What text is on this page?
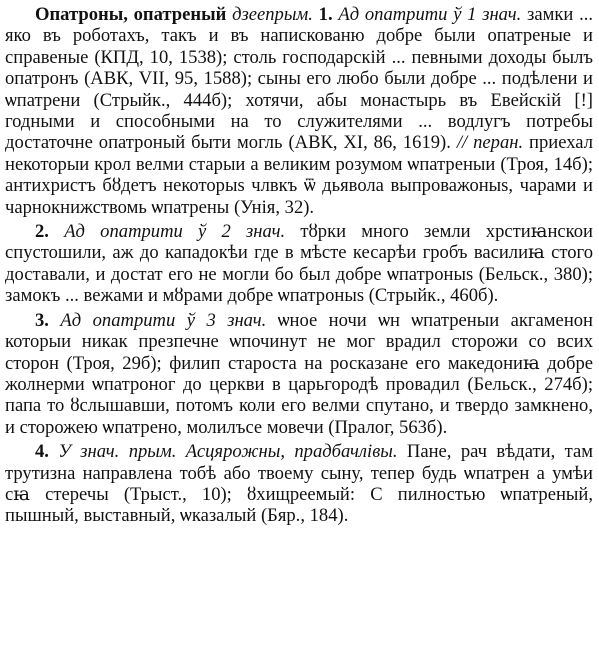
Опатроны, опатреный дзеепрым. 1. Ад опатрити ў 1 знач. замки ... яко въ роботахъ, такъ и въ напискованю добре были опатреные и справеные (КПД, 10, 1538); столь господарскій ... певными доходы былъ опатронъ (АВК, VII, 95, 1588); сыны его любо были добре ... подѣлени и ѡпатрени (Стрыйк., 444б); хотячи, абы монастырь въ Евейскій [!] годными и способными на то служителями ... водлугъ потребы достаточне опатроный быти могль (АВК, XI, 86, 1619). // перан. приехал некоторыи крол велми старыи а великим розумом ѡпатреныи (Троя, 14б); антихристъ бȣдетъ некоторыѕ члвкъ ѿ дьявола выпроважоныѕ, чарами и чарнокнижствомь ѡпатрены (Унія, 32).

2. Ад опатрити ў 2 знач. тȣрки много земли хрстиꙗнскои спустошили, аж до кападокѣи где в мѣсте кесарѣи гробъ василиꙗ стого доставали, и достат его не могли бо был добре ѡпатроныѕ (Бельск., 380); замокъ ... вежами и мȣрами добре ѡпатроныѕ (Стрыйк., 460б).

3. Ад опатрити ў 3 знач. ѡное ночи ѡн ѡпатреныи акгаменон которыи никак презпечне ѡпочинут не мог врадил сторожи со всих сторон (Троя, 29б); филип староста на росказане его македониꙗ добре жолнерми ѡпатроног до церкви в царьгородѣ провадил (Бельск., 274б); папа то ȣслышавши, потомъ коли его велми спутано, и твердо замкнено, и сторожею ѡпатрено, молилъсе мовечи (Пралог, 563б).

4. У знач. прым. Асцярожны, прадбачлівы. Пане, рач вѣдати, там трутизна направлена тобѣ або твоему сыну, тепер будь ѡпатрен а умѣи сꙗ стеречы (Трыст., 10); ȣхищреемый: С пилностью ѡпатреный, пышный, выставный, ѡказалый (Бяр., 184).
